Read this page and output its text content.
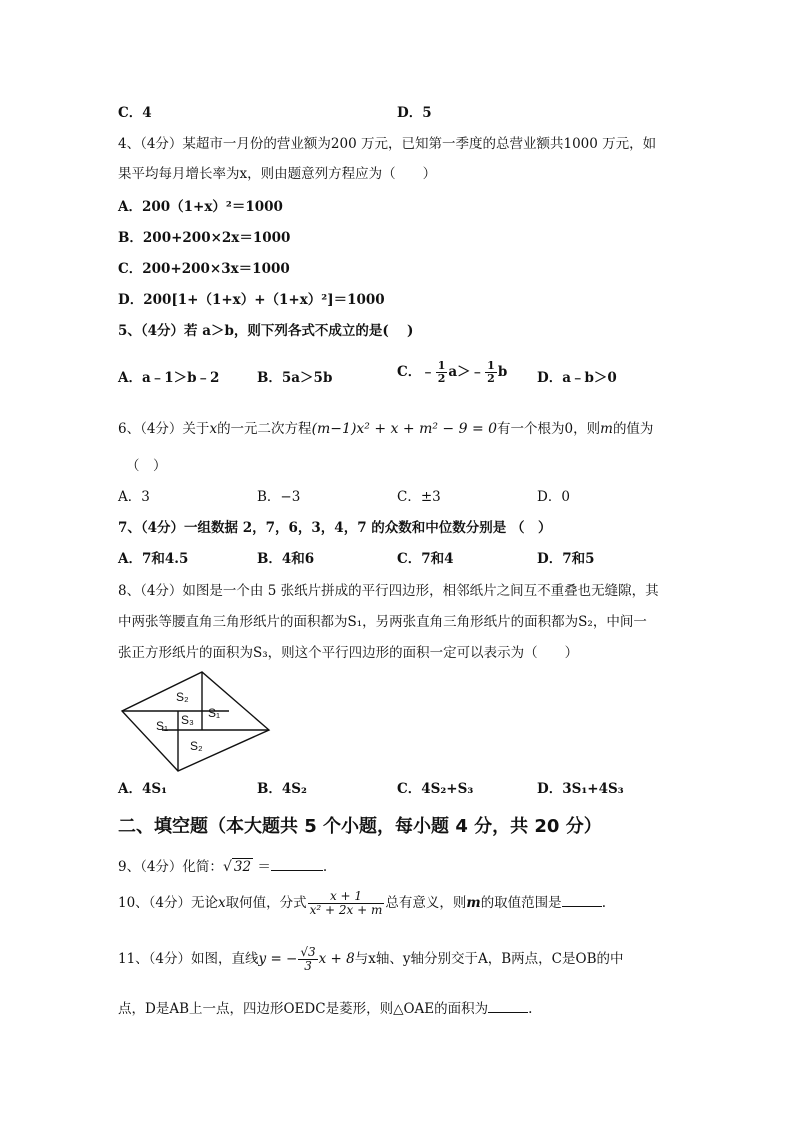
C．4	D．5
4、（4分）某超市一月份的营业额为200 万元，已知第一季度的总营业额共1000 万元，如
果平均每月增长率为x，则由题意列方程应为（　　）
A．200（1+x）²＝1000
B．200+200×2x＝1000
C．200+200×3x＝1000
D．200[1+（1+x）+（1+x）²]＝1000
5、（4分）若 a＞b，则下列各式不成立的是(　 )
A．a﹣1＞b﹣2	B．5a＞5b	C．﹣ $\frac{1}{2}$ a＞﹣ $\frac{1}{2}$ b D．a﹣b＞0
6、（4分）关于x的一元二次方程(m−1)x² + x + m² − 9 = 0有一个根为0，则m的值为
（　）
A．3	B．−3	C．±3	D．0
7、（4分）一组数据 2，7，6，3，4，7 的众数和中位数分别是 （　）
A．7和4.5	B．4和6	C．7和4	D．7和5
8、（4分）如图是一个由 5 张纸片拼成的平行四边形，相邻纸片之间互不重叠也无缝隙，其
中两张等腰直角三角形纸片的面积都为S₁，另两张直角三角形纸片的面积都为S₂，中间一
张正方形纸片的面积为S₃，则这个平行四边形的面积一定可以表示为（　　）
S₂
S₁
S₁ S₃
S₂
A．4S₁	B．4S₂	C．4S₂+S₃	D．3S₁+4S₃
二、填空题（本大题共 5 个小题，每小题 4 分，共 20 分）
9、（4分）化简：√ 32 ＝	.
10、（4分）无论x取何值，分式 $\frac{x + 1}{\text{x² + 2x + m}}$ 总有意义，则m的取值范围是	.
11、（4分）如图，直线y = − $\frac{√3}{3}$ x + 8与x轴、y轴分别交于A，B两点，C是OB的中
点，D是AB上一点，四边形OEDC是菱形，则△OAE的面积为	.
